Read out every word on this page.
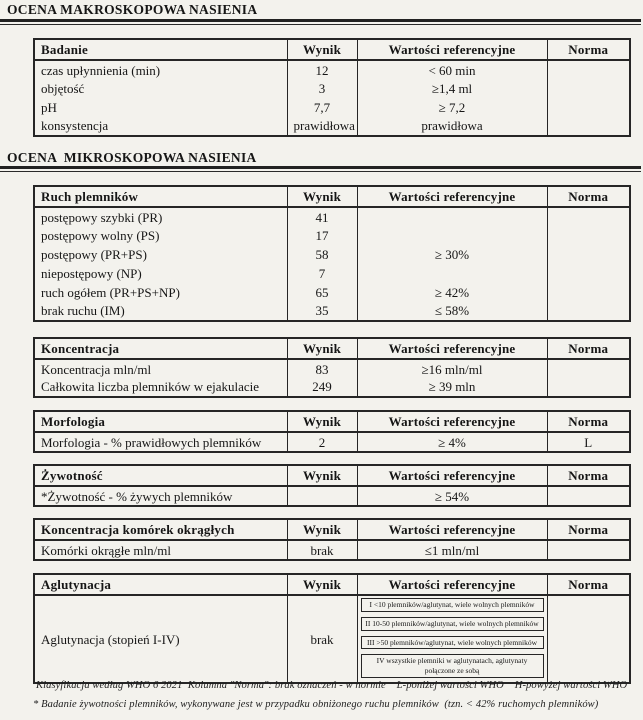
OCENA MAKROSKOPOWA NASIENIA
Badanie	Wynik	Wartości referencyjne	Norma
czas upłynnienia (min)	12	< 60 min	
objętość	3	≥1,4 ml	
pH	7,7	≥ 7,2	
konsystencja	prawidłowa	prawidłowa	
OCENA  MIKROSKOPOWA NASIENIA
Ruch plemników	Wynik	Wartości referencyjne	Norma
postępowy szybki (PR)	41		
postępowy wolny (PS)	17		
postępowy (PR+PS)	58	≥ 30%	
niepostępowy (NP)	7		
ruch ogółem (PR+PS+NP)	65	≥ 42%	
brak ruchu (IM)	35	≤ 58%	
Koncentracja	Wynik	Wartości referencyjne	Norma
Koncentracja mln/ml	83	≥16 mln/ml	
Całkowita liczba plemników w ejakulacie	249	≥ 39 mln	
Morfologia	Wynik	Wartości referencyjne	Norma
Morfologia - % prawidłowych plemników	2	≥ 4%	L
Żywotność	Wynik	Wartości referencyjne	Norma
*Żywotność - % żywych plemników		≥ 54%	
Koncentracja komórek okrągłych	Wynik	Wartości referencyjne	Norma
Komórki okrągłe mln/ml	brak	≤1 mln/ml	
Aglutynacja	Wynik	Wartości referencyjne	Norma
Aglutynacja (stopień I-IV)	brak	I <10 plemników/aglutynat, wiele wolnych plemników
II 10-50 plemników/aglutynat, wiele wolnych plemników
III >50 plemników/aglutynat, wiele wolnych plemników
IV wszystkie plemniki w aglutynatach, aglutynaty połączone ze sobą	

Klasyfikacja według WHO 6 2021  Kolumna "Norma": brak oznaczeń - w normie    L-poniżej wartości WHO    H-powyżej wartości WHO
* Badanie żywotności plemników, wykonywane jest w przypadku obniżonego ruchu plemników  (tzn. < 42% ruchomych plemników)
